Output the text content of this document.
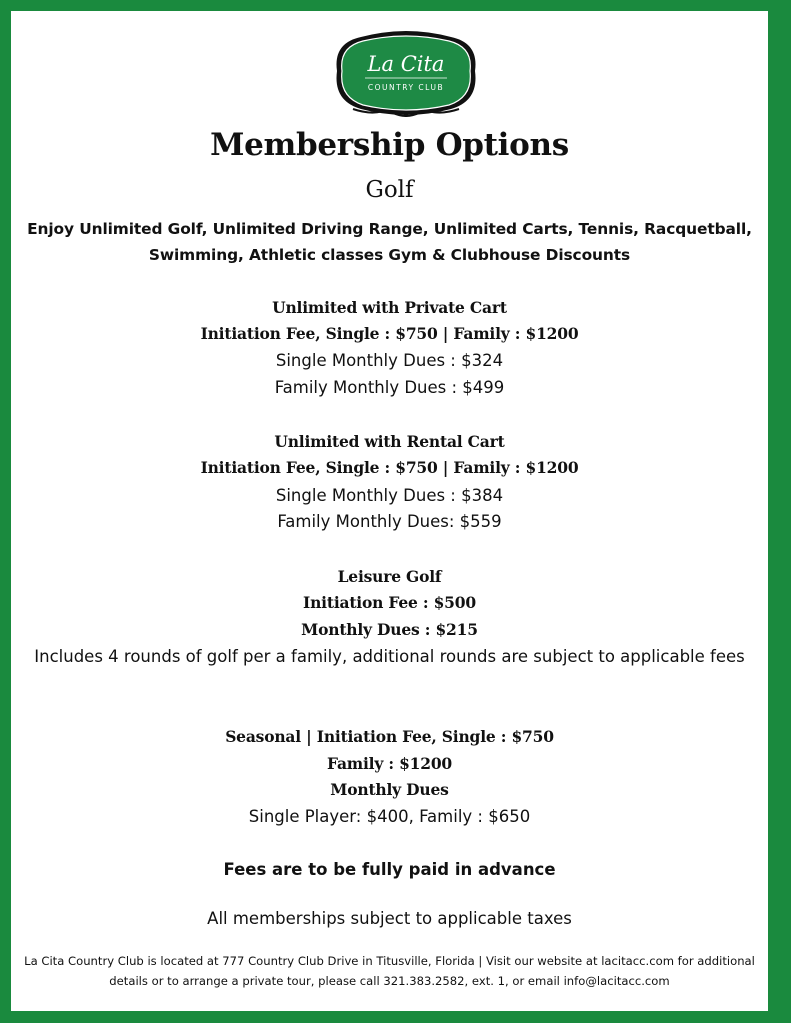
La Cita
COUNTRY CLUB
Membership Options
Golf
Enjoy Unlimited Golf, Unlimited Driving Range, Unlimited Carts, Tennis, Racquetball, Swimming, Athletic classes Gym & Clubhouse Discounts
Unlimited with Private Cart
Initiation Fee, Single : $750 | Family : $1200
Single Monthly Dues : $324
Family Monthly Dues : $499
Unlimited with Rental Cart
Initiation Fee, Single : $750 | Family : $1200
Single Monthly Dues : $384
Family Monthly Dues: $559
Leisure Golf
Initiation Fee : $500
Monthly Dues : $215
Includes 4 rounds of golf per a family, additional rounds are subject to applicable fees
Seasonal | Initiation Fee, Single : $750
Family : $1200
Monthly Dues
Single Player: $400, Family : $650
Fees are to be fully paid in advance
All memberships subject to applicable taxes
La Cita Country Club is located at 777 Country Club Drive in Titusville, Florida | Visit our website at lacitacc.com for additional details or to arrange a private tour, please call 321.383.2582, ext. 1, or email info@lacitacc.com
